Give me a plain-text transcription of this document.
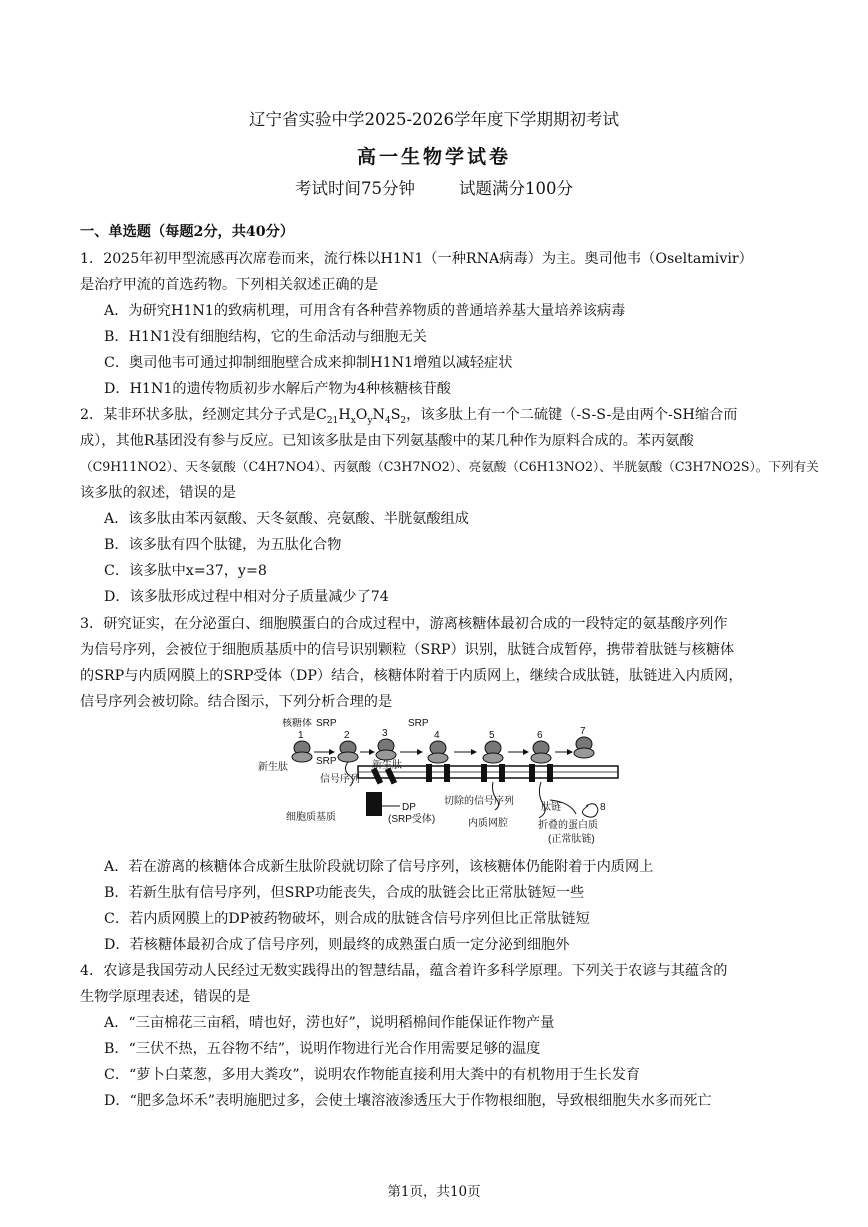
辽宁省实验中学2025-2026学年度下学期期初考试
高一生物学试卷
考试时间75分钟	试题满分100分
一、单选题（每题2分，共40分）
1．2025年初甲型流感再次席卷而来，流行株以H1N1（一种RNA病毒）为主。奥司他韦（Oseltamivir）
是治疗甲流的首选药物。下列相关叙述正确的是
A．为研究H1N1的致病机理，可用含有各种营养物质的普通培养基大量培养该病毒
B．H1N1没有细胞结构，它的生命活动与细胞无关
C．奥司他韦可通过抑制细胞壁合成来抑制H1N1增殖以减轻症状
D．H1N1的遗传物质初步水解后产物为4种核糖核苷酸
2．某非环状多肽，经测定其分子式是$C_{21}H_xO_yN_4S_2$，该多肽上有一个二硫键（-S-S-是由两个-SH缩合而
成），其他R基团没有参与反应。已知该多肽是由下列氨基酸中的某几种作为原料合成的。苯丙氨酸
（C9H11NO2）、天冬氨酸（C4H7NO4）、丙氨酸（C3H7NO2）、亮氨酸（C6H13NO2）、半胱氨酸（C3H7NO2S）。下列有关
该多肽的叙述，错误的是
A．该多肽由苯丙氨酸、天冬氨酸、亮氨酸、半胱氨酸组成
B．该多肽有四个肽键，为五肽化合物
C．该多肽中x=37，y=8
D．该多肽形成过程中相对分子质量减少了74
3．研究证实，在分泌蛋白、细胞膜蛋白的合成过程中，游离核糖体最初合成的一段特定的氨基酸序列作
为信号序列，会被位于细胞质基质中的信号识别颗粒（SRP）识别，肽链合成暂停，携带着肽链与核糖体
的SRP与内质网膜上的SRP受体（DP）结合，核糖体附着于内质网上，继续合成肽链，肽链进入内质网，
信号序列会被切除。结合图示，下列分析合理的是
核糖体
新生肽
SRP
SRP
SRP
信号序列
新生肽
细胞质基质
DP
(SRP受体)
切除的信号序列
内质网腔
肽链
折叠的蛋白质
(正常肽链)
1	2	3	4	5	6	7
8
A．若在游离的核糖体合成新生肽阶段就切除了信号序列，该核糖体仍能附着于内质网上
B．若新生肽有信号序列，但SRP功能丧失，合成的肽链会比正常肽链短一些
C．若内质网膜上的DP被药物破坏，则合成的肽链含信号序列但比正常肽链短
D．若核糖体最初合成了信号序列，则最终的成熟蛋白质一定分泌到细胞外
4．农谚是我国劳动人民经过无数实践得出的智慧结晶，蕴含着许多科学原理。下列关于农谚与其蕴含的
生物学原理表述，错误的是
A．“三亩棉花三亩稻，晴也好，涝也好”，说明稻棉间作能保证作物产量
B．“三伏不热，五谷物不结”，说明作物进行光合作用需要足够的温度
C．“萝卜白菜葱，多用大粪攻”，说明农作物能直接利用大粪中的有机物用于生长发育
D．“肥多急坏禾”表明施肥过多，会使土壤溶液渗透压大于作物根细胞，导致根细胞失水多而死亡
第1页，共10页
